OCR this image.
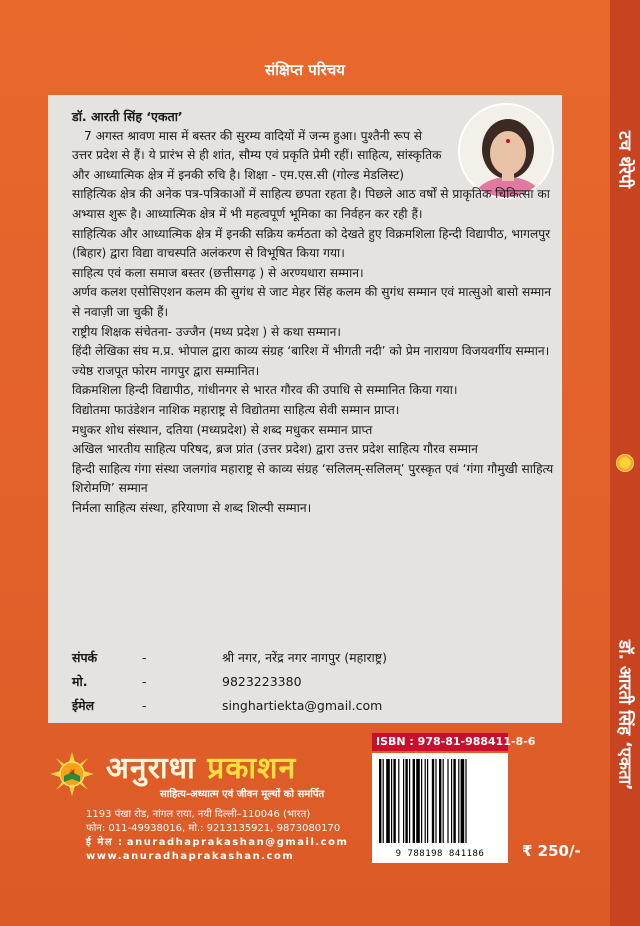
टच थेरेपी
डॉ. आरती सिंह ‘एकता’
संक्षिप्त परिचय
डॉ. आरती सिंह ‘एकता’

7 अगस्त श्रावण मास में बस्तर की सुरम्य वादियों में जन्म हुआ। पुश्तैनी रूप से उत्तर प्रदेश से हैं। ये प्रारंभ से ही शांत, सौम्य एवं प्रकृति प्रेमी रहीं। साहित्य, सांस्कृतिक और आध्यात्मिक क्षेत्र में इनकी रुचि है। शिक्षा - एम.एस.सी (गोल्ड मेडलिस्ट)

साहित्यिक क्षेत्र की अनेक पत्र-पत्रिकाओं में साहित्य छपता रहता है। पिछले आठ वर्षों से प्राकृतिक चिकित्सा का अभ्यास शुरू है। आध्यात्मिक क्षेत्र में भी महत्वपूर्ण भूमिका का निर्वहन कर रही हैं।

साहित्यिक और आध्यात्मिक क्षेत्र में इनकी सक्रिय कर्मठता को देखते हुए विक्रमशिला हिन्दी विद्यापीठ, भागलपुर (बिहार) द्वारा विद्या वाचस्पति अलंकरण से विभूषित किया गया।

साहित्य एवं कला समाज बस्तर (छत्तीसगढ़ ) से अरण्यधारा सम्मान।

अर्णव कलश एसोसिएशन कलम की सुगंध से जाट मेहर सिंह कलम की सुगंध सम्मान एवं मात्सुओ बासो सम्मान से नवाज़ी जा चुकी हैं।

राष्ट्रीय शिक्षक संचेतना- उज्जैन (मध्य प्रदेश ) से कथा सम्मान।

हिंदी लेखिका संघ म.प्र. भोपाल द्वारा काव्य संग्रह ‘बारिश में भीगती नदी’ को प्रेम नारायण विजयवर्गीय सम्मान।

ज्येष्ठ राजपूत फोरम नागपुर द्वारा सम्मानित।

विक्रमशिला हिन्दी विद्यापीठ, गांधीनगर से भारत गौरव की उपाधि से सम्मानित किया गया।

विद्योतमा फाउंडेशन नाशिक महाराष्ट्र से विद्योतमा साहित्य सेवी सम्मान प्राप्त।

मधुकर शोध संस्थान, दतिया (मध्यप्रदेश) से शब्द मधुकर सम्मान प्राप्त

अखिल भारतीय साहित्य परिषद, ब्रज प्रांत (उत्तर प्रदेश) द्वारा उत्तर प्रदेश साहित्य गौरव सम्मान

हिन्दी साहित्य गंगा संस्था जलगांव महाराष्ट्र से काव्य संग्रह ‘सलिलम्-सलिलम्’ पुरस्कृत एवं ‘गंगा गौमुखी साहित्य शिरोमणि’ सम्मान

निर्मला साहित्य संस्था, हरियाणा से शब्द शिल्पी सम्मान।

संपर्क	-	श्री नगर, नरेंद्र नगर नागपुर (महाराष्ट्र)
मो.	-	9823223380
ईमेल	-	singhartiekta@gmail.com
अ अनुराधा प्रकाशन
साहित्य-अध्यात्म एवं जीवन मूल्यों को समर्पित
1193 पंखा रोड, नांगल राया, नयी दिल्ली–110046 (भारत)
फोन: 011-49938016, मो.: 9213135921, 9873080170
ई मेल : anuradhaprakashan@gmail.com
www.anuradhaprakashan.com
ISBN : 978-81-988411-8-6
9 788198 841186	₹ 250/-
